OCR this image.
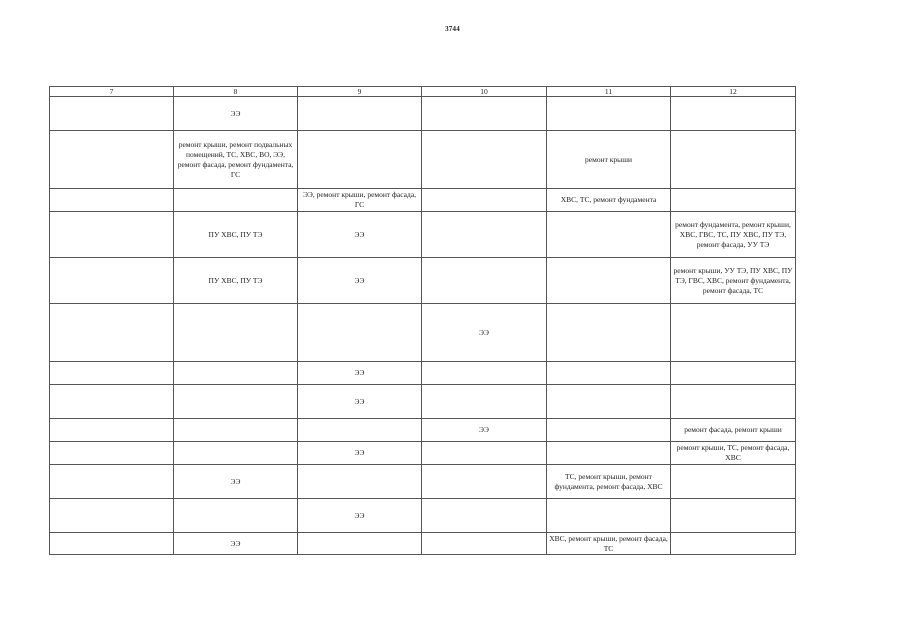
3744
7	8	9	10	11	12
	ЭЭ				
	ремонт крыши, ремонт подвальных помещений, ТС, ХВС, ВО, ЭЭ, ремонт фасада, ремонт фундамента, ГС			ремонт крыши	
		ЭЭ, ремонт крыши, ремонт фасада, ГС		ХВС, ТС, ремонт фундамента	
	ПУ ХВС, ПУ ТЭ	ЭЭ			ремонт фундамента, ремонт крыши, ХВС, ГВС, ТС, ПУ ХВС, ПУ ТЭ, ремонт фасада, УУ ТЭ
	ПУ ХВС, ПУ ТЭ	ЭЭ			ремонт крыши, УУ ТЭ, ПУ ХВС, ПУ ТЭ, ГВС, ХВС, ремонт фундамента, ремонт фасада, ТС
			ЭЭ		
		ЭЭ			
		ЭЭ			
			ЭЭ		ремонт фасада, ремонт крыши
		ЭЭ			ремонт крыши, ТС, ремонт фасада, ХВС
	ЭЭ			ТС, ремонт крыши, ремонт фундамента, ремонт фасада, ХВС	
		ЭЭ			
	ЭЭ			ХВС, ремонт крыши, ремонт фасада, ТС	
